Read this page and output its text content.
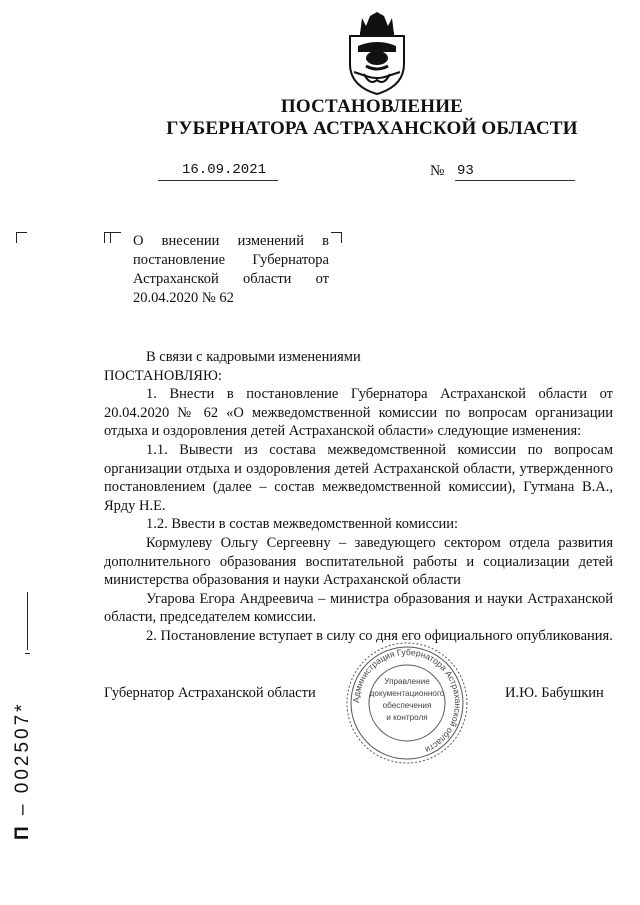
ПОСТАНОВЛЕНИЕ
ГУБЕРНАТОРА АСТРАХАНСКОЙ ОБЛАСТИ
16.09.2021	№ 93
О внесении изменений в постановление Губернатора Астраханской области от 20.04.2020 № 62

В связи с кадровыми изменениями

ПОСТАНОВЛЯЮ:

1. Внести в постановление Губернатора Астраханской области от 20.04.2020 № 62 «О межведомственной комиссии по вопросам организации отдыха и оздоровления детей Астраханской области» следующие изменения:

1.1. Вывести из состава межведомственной комиссии по вопросам организации отдыха и оздоровления детей Астраханской области, утвержденного постановлением (далее – состав межведомственной комиссии), Гутмана В.А., Ярду Н.Е.

1.2. Ввести в состав межведомственной комиссии:

Кормулеву Ольгу Сергеевну – заведующего сектором отдела развития дополнительного образования воспитательной работы и социализации детей министерства образования и науки Астраханской области

Угарова Егора Андреевича – министра образования и науки Астраханской области, председателем комиссии.

2. Постановление вступает в силу со дня его официального опубликования.

Губернатор Астраханской области	И.Ю. Бабушкин
Администрация Губернатора Астраханской области
Управление
документационного
обеспечения
и контроля
П – 002507*
